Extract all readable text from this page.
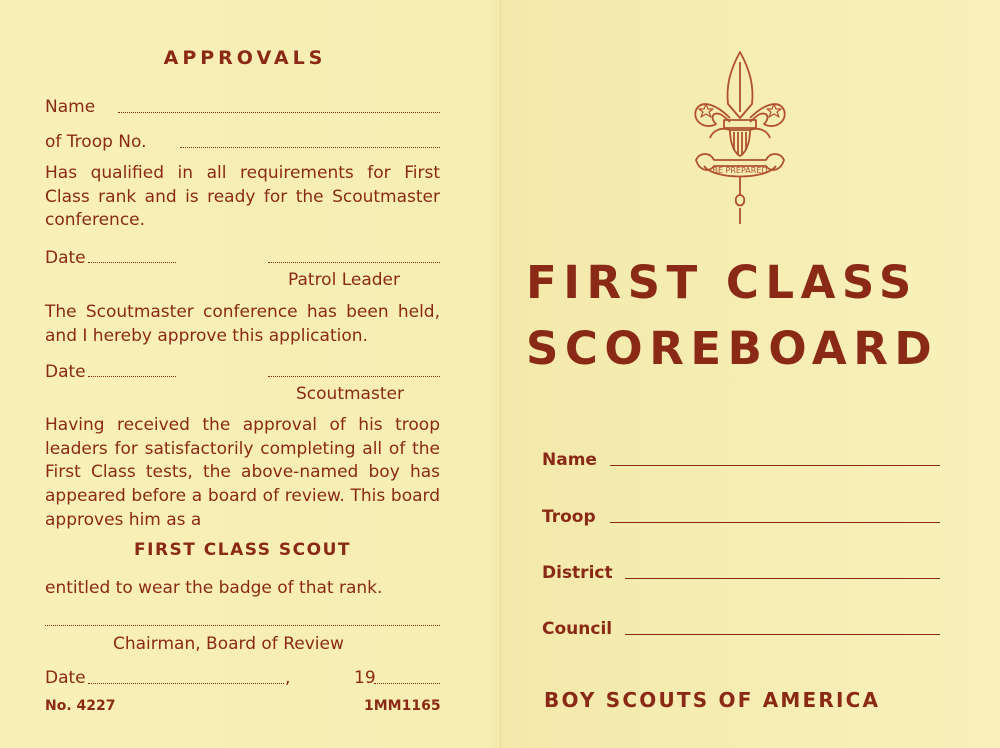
APPROVALS
Name
of Troop No.
Has qualified in all requirements for First Class rank and is ready for the Scoutmaster conference.
Date
Patrol Leader
The Scoutmaster conference has been held, and I hereby approve this application.
Date
Scoutmaster
Having received the approval of his troop leaders for satisfactorily completing all of the First Class tests, the above-named boy has appeared before a board of review. This board approves him as a
FIRST CLASS SCOUT
entitled to wear the badge of that rank.
Chairman, Board of Review
Date	,	19
No. 4227	1MM1165
BE PREPARED
FIRST CLASS
SCOREBOARD
Name
Troop
District
Council
BOY SCOUTS OF AMERICA
